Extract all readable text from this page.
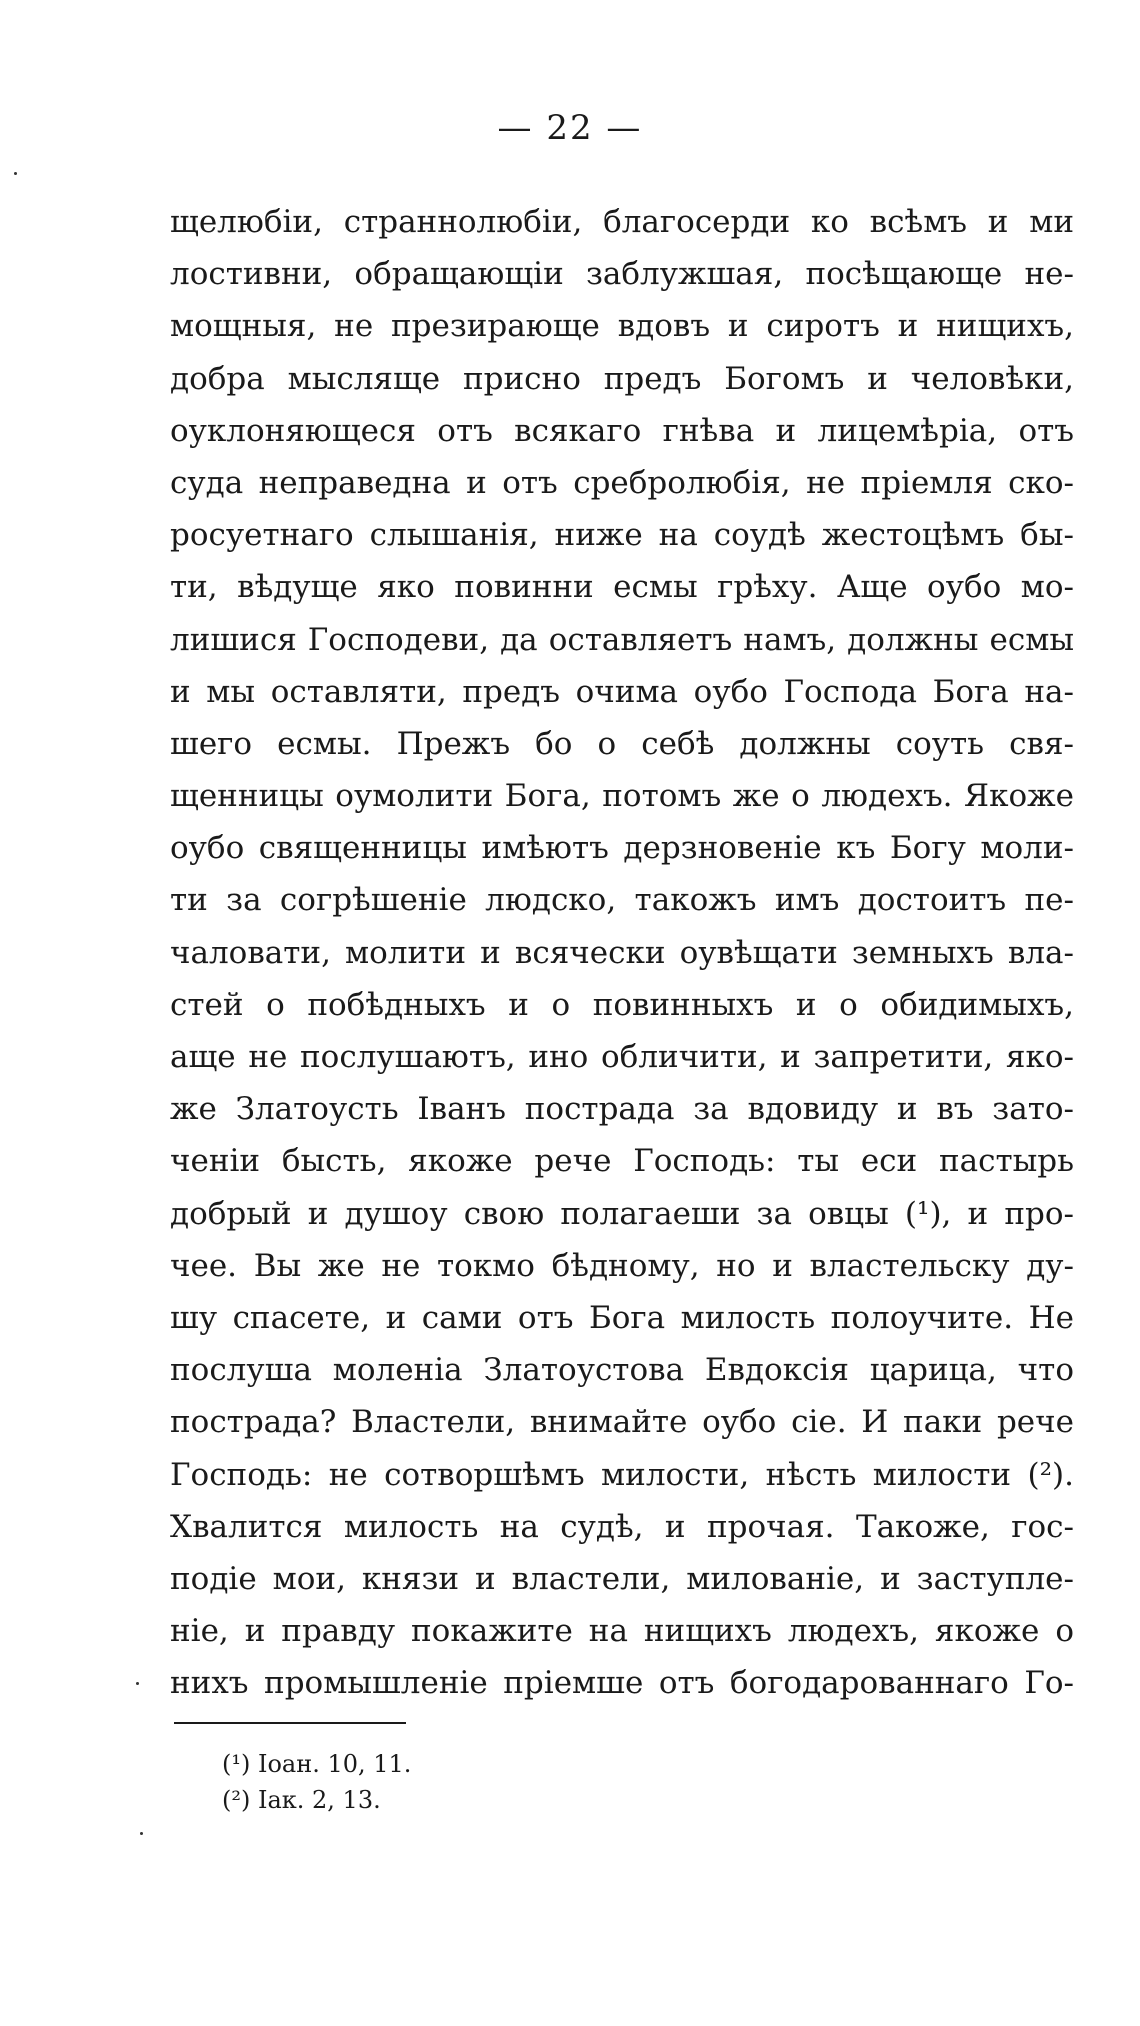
— 22 —
щелюбіи, страннолюбіи, благосерди ко всѣмъ и ми
лостивни, обращающіи заблужшая, посѣщающе не-
мощныя, не презирающе вдовъ и сиротъ и нищихъ,
добра мысляще присно предъ Богомъ и человѣки,
оуклоняющеся отъ всякаго гнѣва и лицемѣріа, отъ
суда неправедна и отъ сребролюбія, не пріемля ско-
росуетнаго слышанія, ниже на соудѣ жестоцѣмъ бы-
ти, вѣдуще яко повинни есмы грѣху. Аще оубо мо-
лишися Господеви, да оставляетъ намъ, должны есмы
и мы оставляти, предъ очима оубо Господа Бога на-
шего есмы. Прежъ бо о себѣ должны соуть свя-
щенницы оумолити Бога, потомъ же о людехъ. Якоже
оубо священницы имѣютъ дерзновеніе къ Богу моли-
ти за согрѣшеніе людско, такожъ имъ достоитъ пе-
чаловати, молити и всячески оувѣщати земныхъ вла-
стей о побѣдныхъ и о повинныхъ и о обидимыхъ,
аще не послушаютъ, ино обличити, и запретити, яко-
же Златоусть Іванъ пострада за вдовиду и въ зато-
ченіи бысть, якоже рече Господь: ты еси пастырь
добрый и душоу свою полагаеши за овцы (¹), и про-
чее. Вы же не токмо бѣдному, но и властельску ду-
шу спасете, и сами отъ Бога милость полоучите. Не
послуша моленіа Златоустова Евдоксія царица, что
пострада? Властели, внимайте оубо сіе. И паки рече
Господь: не сотворшѣмъ милости, нѣсть милости (²).
Хвалится милость на судѣ, и прочая. Такоже, гос-
подіе мои, князи и властели, милованіе, и заступле-
ніе, и правду покажите на нищихъ людехъ, якоже о
нихъ промышленіе пріемше отъ богодарованнаго Го-
(¹) Іоан. 10, 11.
(²) Іак. 2, 13.
